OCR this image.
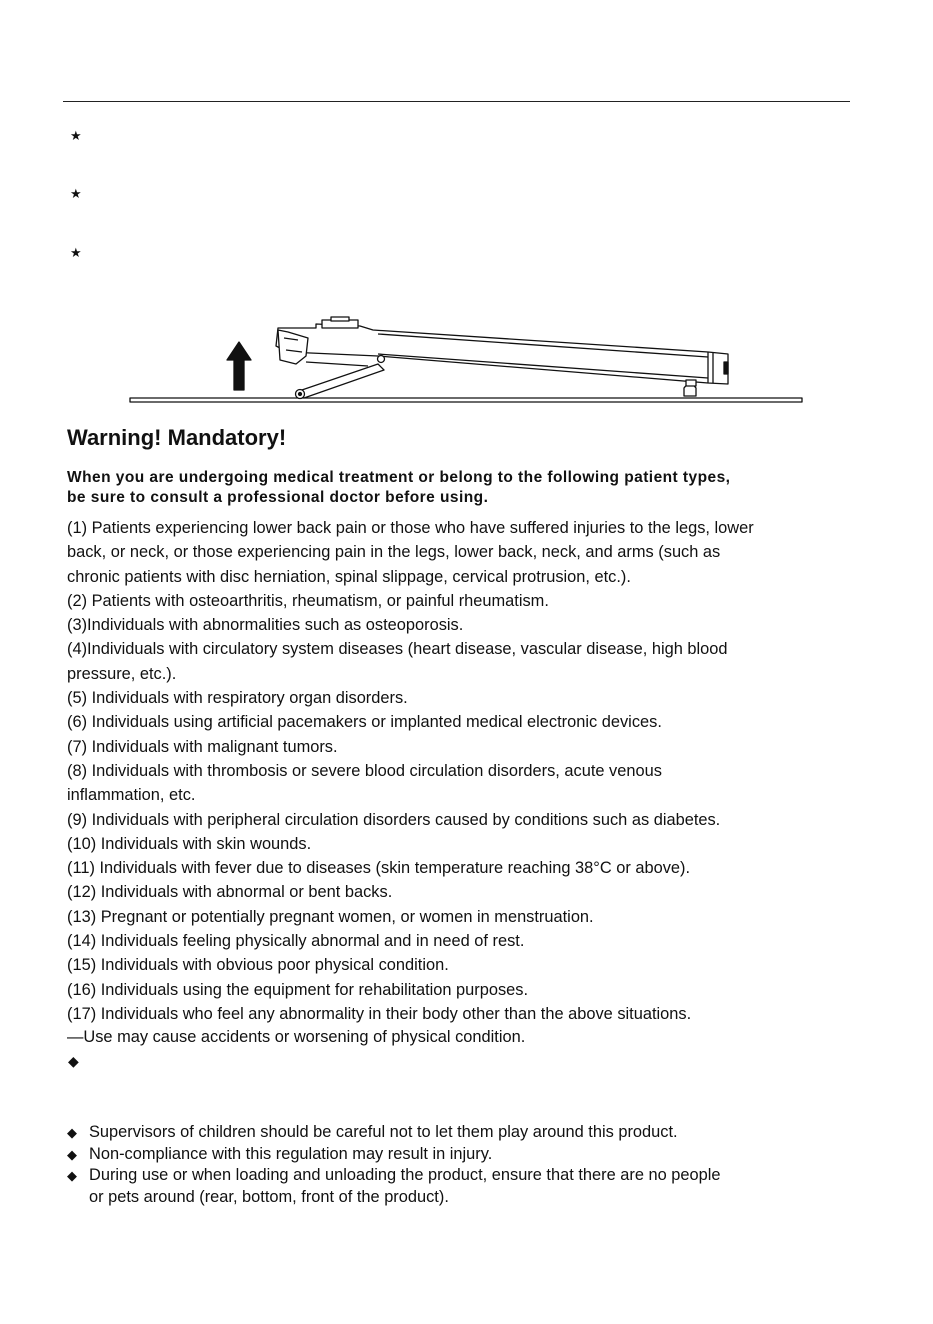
★
★
★
Warning! Mandatory!
When you are undergoing medical treatment or belong to the following patient types,
be sure to consult a professional doctor before using.
(1) Patients experiencing lower back pain or those who have suffered injuries to the legs, lower
back, or neck, or those experiencing pain in the legs, lower back, neck, and arms (such as
chronic patients with disc herniation, spinal slippage, cervical protrusion, etc.).
(2) Patients with osteoarthritis, rheumatism, or painful rheumatism.
(3)Individuals with abnormalities such as osteoporosis.
(4)Individuals with circulatory system diseases (heart disease, vascular disease, high blood
pressure, etc.).
(5) Individuals with respiratory organ disorders.
(6) Individuals using artificial pacemakers or implanted medical electronic devices.
(7) Individuals with malignant tumors.
(8) Individuals with thrombosis or severe blood circulation disorders, acute venous
inflammation, etc.
(9) Individuals with peripheral circulation disorders caused by conditions such as diabetes.
(10) Individuals with skin wounds.
(11) Individuals with fever due to diseases (skin temperature reaching 38°C or above).
(12) Individuals with abnormal or bent backs.
(13) Pregnant or potentially pregnant women, or women in menstruation.
(14) Individuals feeling physically abnormal and in need of rest.
(15) Individuals with obvious poor physical condition.
(16) Individuals using the equipment for rehabilitation purposes.
(17) Individuals who feel any abnormality in their body other than the above situations.
—Use may cause accidents or worsening of physical condition.
◆
◆ Supervisors of children should be careful not to let them play around this product.
◆ Non-compliance with this regulation may result in injury.
◆ During use or when loading and unloading the product, ensure that there are no people
or pets around (rear, bottom, front of the product).
